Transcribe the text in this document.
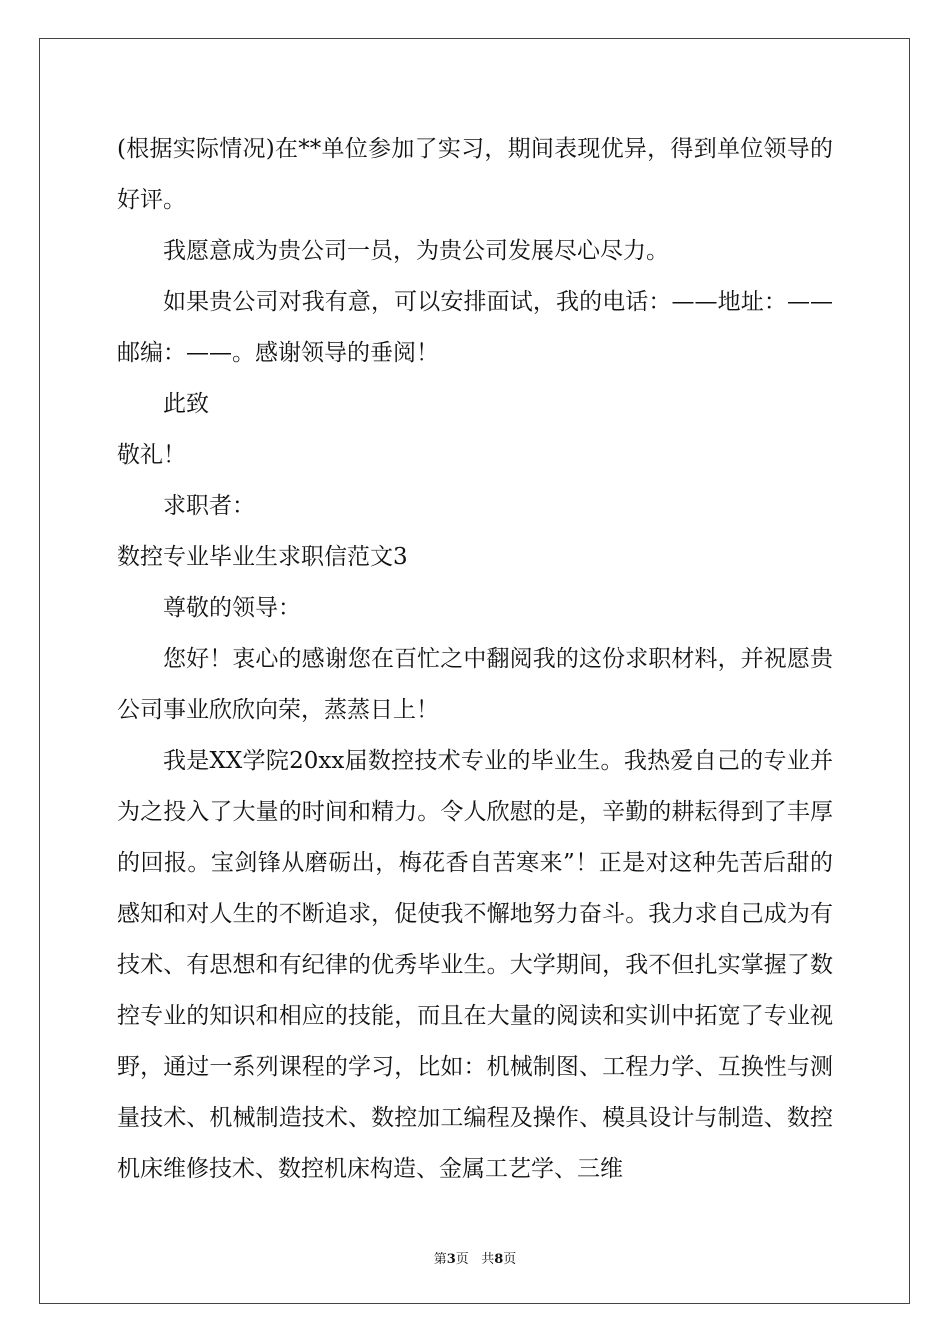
(根据实际情况)在**单位参加了实习，期间表现优异，得到单位领导的好评。

我愿意成为贵公司一员，为贵公司发展尽心尽力。

如果贵公司对我有意，可以安排面试，我的电话：——地址：——邮编：——。感谢领导的垂阅！

此致

敬礼！

求职者：

数控专业毕业生求职信范文3

尊敬的领导：

您好！衷心的感谢您在百忙之中翻阅我的这份求职材料，并祝愿贵公司事业欣欣向荣，蒸蒸日上！

我是XX学院20xx届数控技术专业的毕业生。我热爱自己的专业并为之投入了大量的时间和精力。令人欣慰的是，辛勤的耕耘得到了丰厚的回报。宝剑锋从磨砺出，梅花香自苦寒来”！正是对这种先苦后甜的感知和对人生的不断追求，促使我不懈地努力奋斗。我力求自己成为有技术、有思想和有纪律的优秀毕业生。大学期间，我不但扎实掌握了数控专业的知识和相应的技能，而且在大量的阅读和实训中拓宽了专业视野，通过一系列课程的学习，比如：机械制图、工程力学、互换性与测量技术、机械制造技术、数控加工编程及操作、模具设计与制造、数控机床维修技术、数控机床构造、金属工艺学、三维

第3页 共8页
